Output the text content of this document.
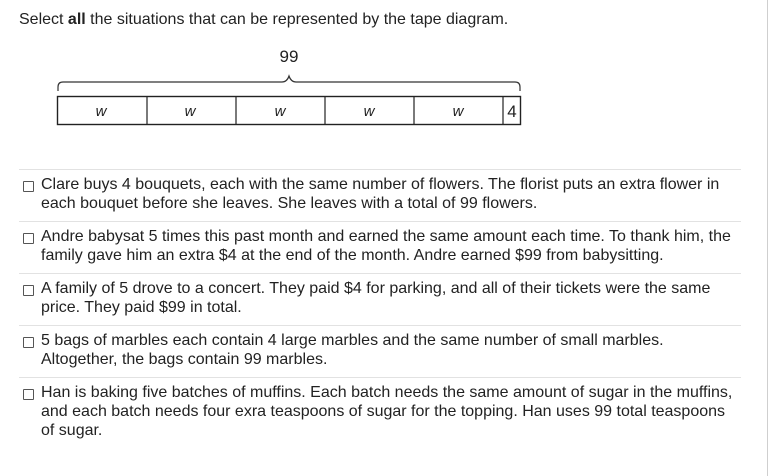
Select all the situations that can be represented by the tape diagram.
99
w	w	w	w	w	4
Clare buys 4 bouquets, each with the same number of flowers. The florist puts an extra flower in each bouquet before she leaves. She leaves with a total of 99 flowers.
Andre babysat 5 times this past month and earned the same amount each time. To thank him, the family gave him an extra $4 at the end of the month. Andre earned $99 from babysitting.
A family of 5 drove to a concert. They paid $4 for parking, and all of their tickets were the same price. They paid $99 in total.
5 bags of marbles each contain 4 large marbles and the same number of small marbles. Altogether, the bags contain 99 marbles.
Han is baking five batches of muffins. Each batch needs the same amount of sugar in the muffins, and each batch needs four exra teaspoons of sugar for the topping. Han uses 99 total teaspoons of sugar.
